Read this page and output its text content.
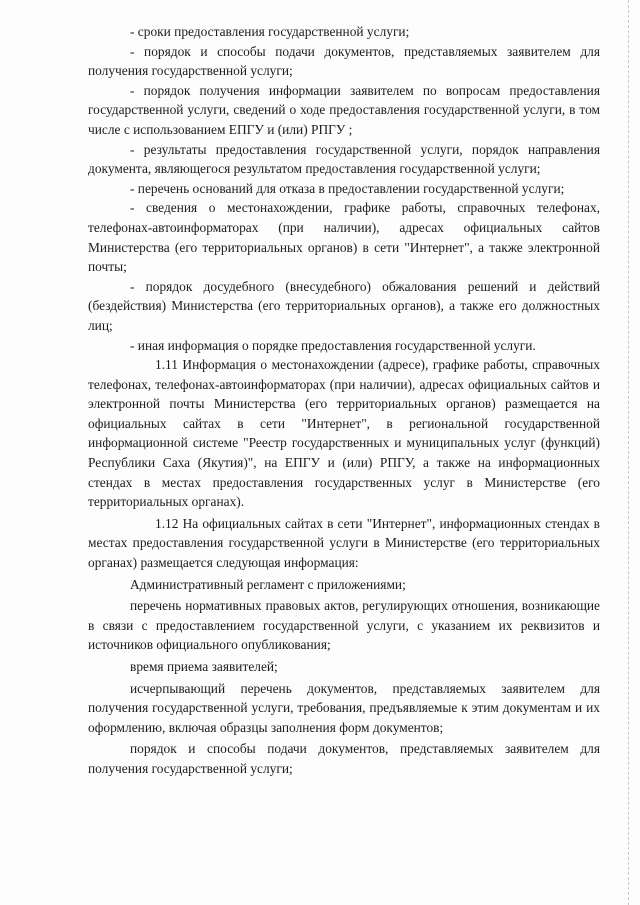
- сроки предоставления государственной услуги;

- порядок и способы подачи документов, представляемых заявителем для получения государственной услуги;

- порядок получения информации заявителем по вопросам предоставления государственной услуги, сведений о ходе предоставления государственной услуги, в том числе с использованием ЕПГУ и (или) РПГУ ;

- результаты предоставления государственной услуги, порядок направления документа, являющегося результатом предоставления государственной услуги;

- перечень оснований для отказа в предоставлении государственной услуги;

- сведения о местонахождении, графике работы, справочных телефонах, телефонах-автоинформаторах (при наличии), адресах официальных сайтов Министерства (его территориальных органов) в сети "Интернет", а также электронной почты;

- порядок досудебного (внесудебного) обжалования решений и действий (бездействия) Министерства (его территориальных органов), а также его должностных лиц;

- иная информация о порядке предоставления государственной услуги.

1.11 Информация о местонахождении (адресе), графике работы, справочных телефонах, телефонах-автоинформаторах (при наличии), адресах официальных сайтов и электронной почты Министерства (его территориальных органов) размещается на официальных сайтах в сети "Интернет", в региональной государственной информационной системе "Реестр государственных и муниципальных услуг (функций) Республики Саха (Якутия)", на ЕПГУ и (или) РПГУ, а также на информационных стендах в местах предоставления государственных услуг в Министерстве (его территориальных органах).

1.12 На официальных сайтах в сети "Интернет", информационных стендах в местах предоставления государственной услуги в Министерстве (его территориальных органах) размещается следующая информация:

Административный регламент с приложениями;

перечень нормативных правовых актов, регулирующих отношения, возникающие в связи с предоставлением государственной услуги, с указанием их реквизитов и источников официального опубликования;

время приема заявителей;

исчерпывающий перечень документов, представляемых заявителем для получения государственной услуги, требования, предъявляемые к этим документам и их оформлению, включая образцы заполнения форм документов;

порядок и способы подачи документов, представляемых заявителем для получения государственной услуги;
